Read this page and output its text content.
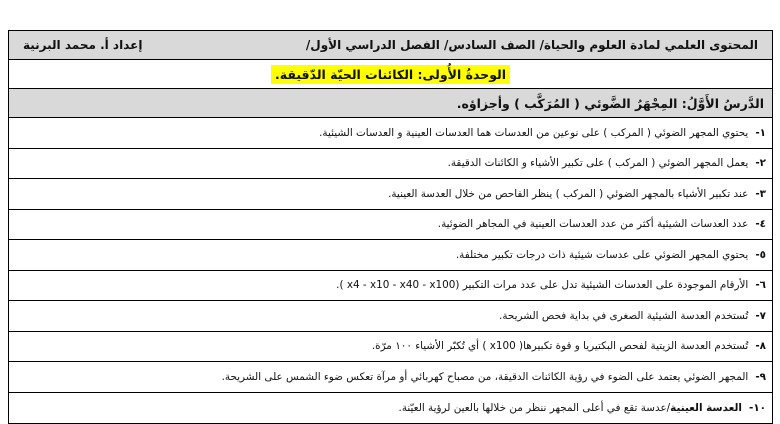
المحتوى العلمي لمادة العلوم والحياة/ الصف السادس/ الفصل الدراسي الأول/
إعداد أ. محمد البرنية
الوحدةُ الأُولى: الكائنات الحيّة الدّقيقة.
الدَّرسُ الأَوَّلُ: المِجْهَرُ الضَّوئي ( المُرَكَّب ) وأجزاؤه.
١-
يحتوي المجهر الضوئي ( المركب ) على نوعين من العدسات هما العدسات العينية و العدسات الشيئية.
٢-
يعمل المجهر الضوئي ( المركب ) على تكبير الأشياء و الكائنات الدقيقة.
٣-
عند تكبير الأشياء بالمجهر الضوئي ( المركب ) ينظر الفاحص من خلال العدسة العينية.
٤-
عدد العدسات الشيئية أكثر من عدد العدسات العينية في المجاهر الضوئية.
٥-
يحتوي المجهر الضوئي على عدسات شيئية ذات درجات تكبير مختلفة.
٦-
الأرقام الموجودة على العدسات الشيئية تدل على عدد مرات التكبير (x4 - x10 - x40 - x100 ).
٧-
تُستخدم العدسة الشيئية الصغرى في بداية فحص الشريحة.
٨-
تُستخدم العدسة الزيتية لفحص البكتيريا و قوة تكبيرها( x100 ) أي تُكبّر الأشياء ١٠٠ مرّة.
٩-
المجهر الضوئي يعتمد على الضوء في رؤية الكائنات الدقيقة، من مصباح كهربائي أو مرآة تعكس ضوء الشمس على الشريحة.
١٠-
العدسة العينية/عدسة تقع في أعلى المجهر ننظر من خلالها بالعين لرؤية العيّنة.
